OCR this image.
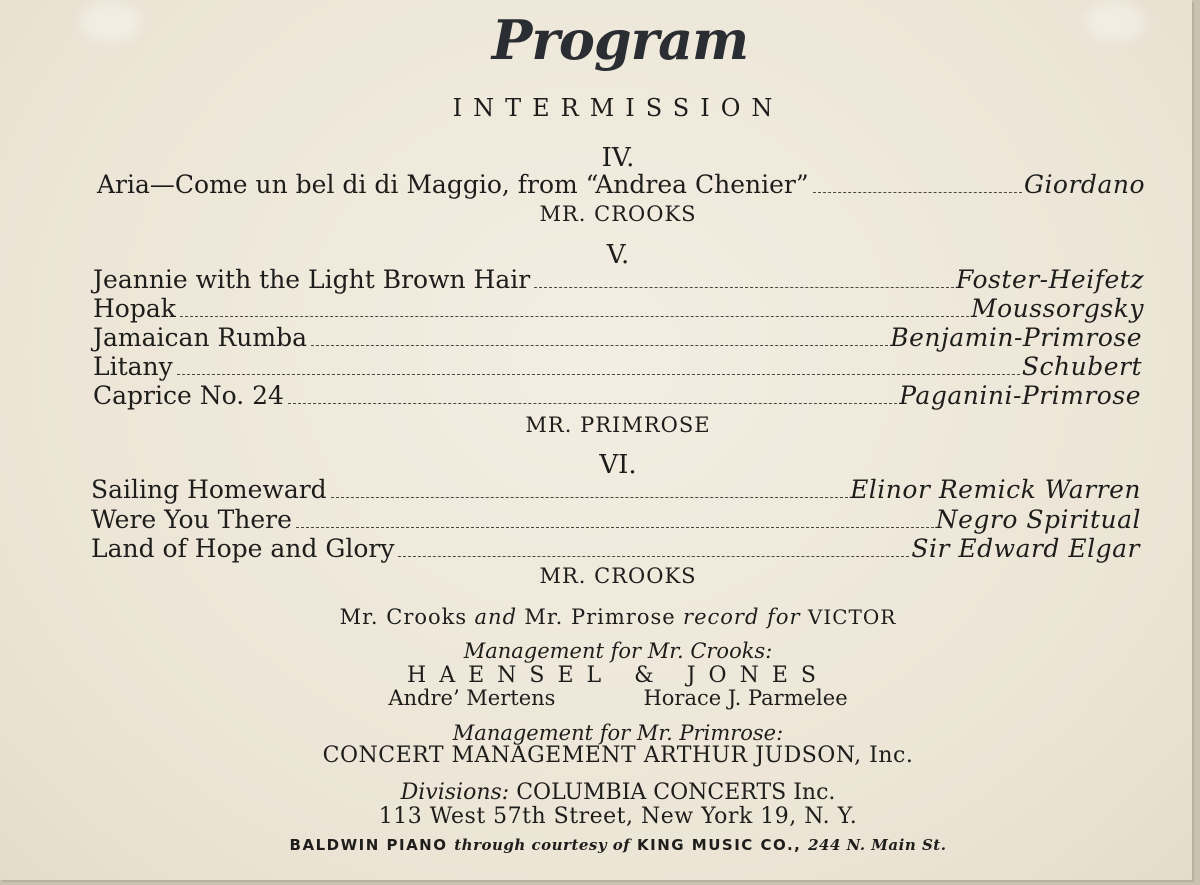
Program
INTERMISSION
IV.
Aria—Come un bel di di Maggio, from “Andrea Chenier”	Giordano
MR. CROOKS
V.
Jeannie with the Light Brown Hair	Foster-Heifetz
Hopak	Moussorgsky
Jamaican Rumba	Benjamin-Primrose
Litany	Schubert
Caprice No. 24	Paganini-Primrose
MR. PRIMROSE
VI.
Sailing Homeward	Elinor Remick Warren
Were You There	Negro Spiritual
Land of Hope and Glory	Sir Edward Elgar
MR. CROOKS
Mr. Crooks and Mr. Primrose record for VICTOR
Management for Mr. Crooks:
HAENSEL & JONES
Andre’ Mertens	Horace J. Parmelee
Management for Mr. Primrose:
CONCERT MANAGEMENT ARTHUR JUDSON, Inc.
Divisions: COLUMBIA CONCERTS Inc.
113 West 57th Street, New York 19, N. Y.
BALDWIN PIANO through courtesy of KING MUSIC CO., 244 N. Main St.
